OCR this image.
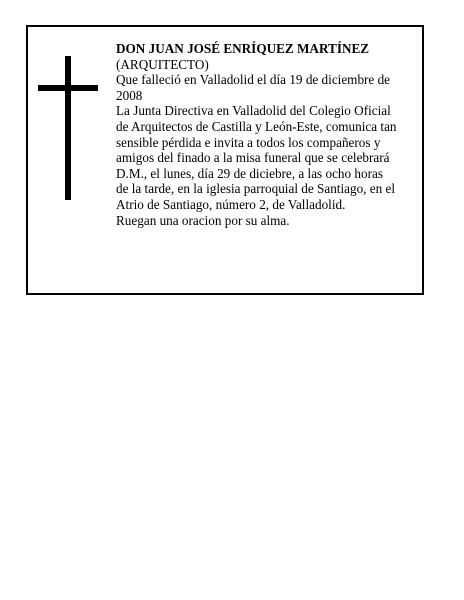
DON JUAN JOSÉ ENRÍQUEZ MARTÍNEZ

(ARQUITECTO)

Que falleció en Valladolid el día 19 de diciembre de 2008

La Junta Directiva en Valladolid del Colegio Oficial de Arquitectos de Castilla y León-Este, comunica tan sensible pérdida e invita a todos los compañeros y amigos del finado a la misa funeral que se celebrará D.M., el lunes, día 29 de diciebre, a las ocho horas de la tarde, en la iglesia parroquial de Santiago, en el Atrio de Santiago, número 2, de Valladolid.

Ruegan una oracion por su alma.
